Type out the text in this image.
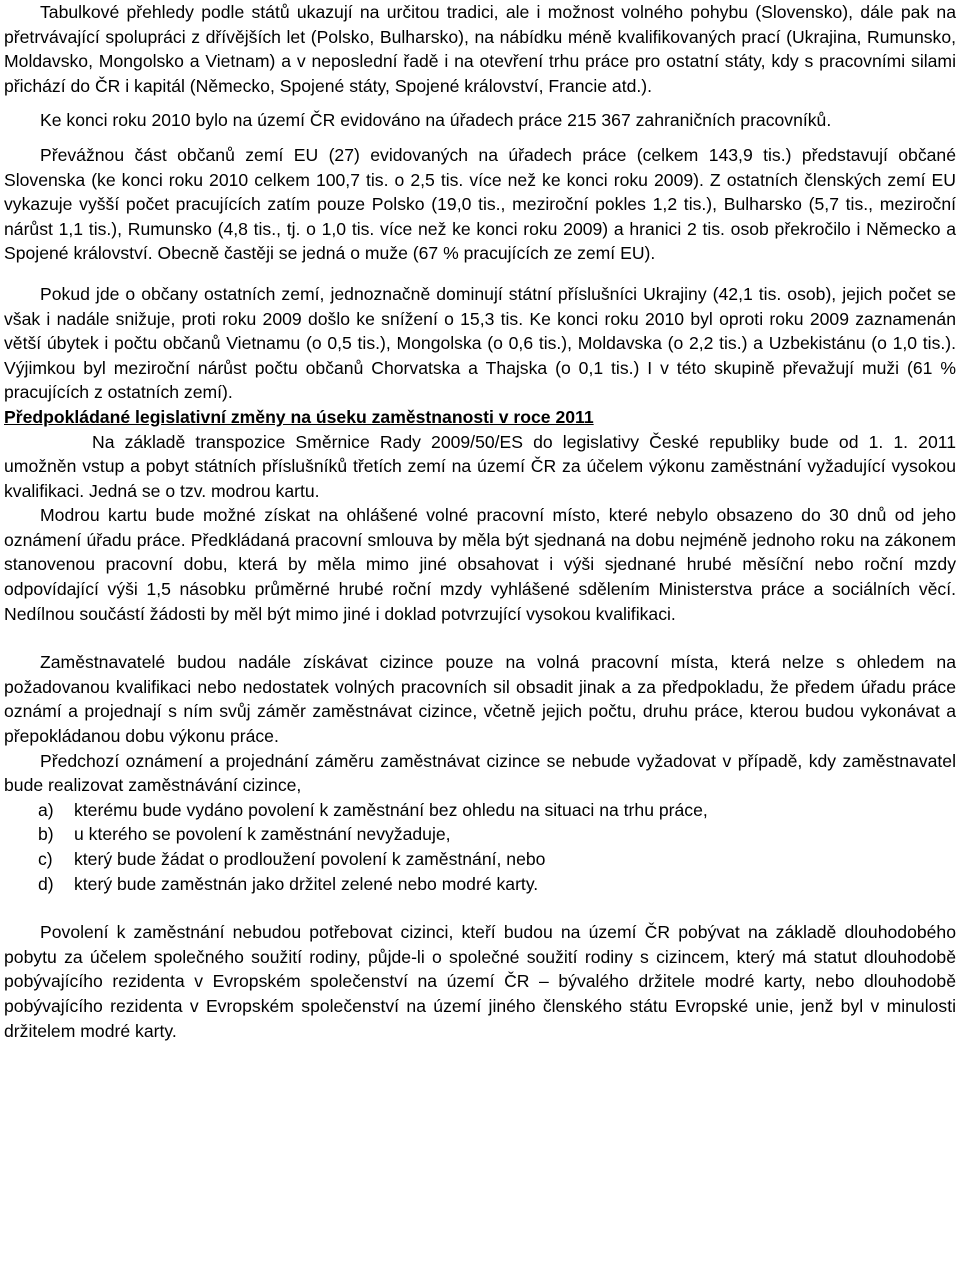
Tabulkové přehledy podle států ukazují na určitou tradici, ale i možnost volného pohybu (Slovensko), dále pak na přetrvávající spolupráci z dřívějších let (Polsko, Bulharsko), na nábídku méně kvalifikovaných prací (Ukrajina, Rumunsko, Moldavsko, Mongolsko a Vietnam) a v neposlední řadě i na otevření trhu práce pro ostatní státy, kdy s pracovními silami přichází do ČR i kapitál (Německo, Spojené státy, Spojené království, Francie atd.).

Ke konci roku 2010 bylo na území ČR evidováno na úřadech práce 215 367 zahraničních pracovníků.

Převážnou část občanů zemí EU (27) evidovaných na úřadech práce (celkem 143,9 tis.) představují občané Slovenska (ke konci roku 2010 celkem 100,7 tis. o 2,5 tis. více než ke konci roku 2009). Z ostatních členských zemí EU vykazuje vyšší počet pracujících zatím pouze Polsko (19,0 tis., meziroční pokles 1,2 tis.), Bulharsko (5,7 tis., meziroční nárůst 1,1 tis.), Rumunsko (4,8 tis., tj. o 1,0 tis. více než ke konci roku 2009) a hranici 2 tis. osob překročilo i Německo a Spojené království. Obecně častěji se jedná o muže (67 % pracujících ze zemí EU).

Pokud jde o občany ostatních zemí, jednoznačně dominují státní příslušníci Ukrajiny (42,1 tis. osob), jejich počet se však i nadále snižuje, proti roku 2009 došlo ke snížení o 15,3 tis. Ke konci roku 2010 byl oproti roku 2009 zaznamenán větší úbytek i počtu občanů Vietnamu (o 0,5 tis.), Mongolska (o 0,6 tis.), Moldavska (o 2,2 tis.) a Uzbekistánu (o 1,0 tis.). Výjimkou byl meziroční nárůst počtu občanů Chorvatska a Thajska (o 0,1 tis.) I v této skupině převažují muži (61 % pracujících z ostatních zemí).

Předpokládané legislativní změny na úseku zaměstnanosti v roce 2011

Na základě transpozice Směrnice Rady 2009/50/ES do legislativy České republiky bude od 1. 1. 2011 umožněn vstup a pobyt státních příslušníků třetích zemí na území ČR za účelem výkonu zaměstnání vyžadující vysokou kvalifikaci. Jedná se o tzv. modrou kartu.

Modrou kartu bude možné získat na ohlášené volné pracovní místo, které nebylo obsazeno do 30 dnů od jeho oznámení úřadu práce. Předkládaná pracovní smlouva by měla být sjednaná na dobu nejméně jednoho roku na zákonem stanovenou pracovní dobu, která by měla mimo jiné obsahovat i výši sjednané hrubé měsíční nebo roční mzdy odpovídající výši 1,5 násobku průměrné hrubé roční mzdy vyhlášené sdělením Ministerstva práce a sociálních věcí. Nedílnou součástí žádosti by měl být mimo jiné i doklad potvrzující vysokou kvalifikaci.

Zaměstnavatelé budou nadále získávat cizince pouze na volná pracovní místa, která nelze s ohledem na požadovanou kvalifikaci nebo nedostatek volných pracovních sil obsadit jinak a za předpokladu, že předem úřadu práce oznámí a projednají s ním svůj záměr zaměstnávat cizince, včetně jejich počtu, druhu práce, kterou budou vykonávat a přepokládanou dobu výkonu práce.

Předchozí oznámení a projednání záměru zaměstnávat cizince se nebude vyžadovat v případě, kdy zaměstnavatel bude realizovat zaměstnávání cizince,

a)	kterému bude vydáno povolení k zaměstnání bez ohledu na situaci na trhu práce,
b)	u kterého se povolení k zaměstnání nevyžaduje,
c)	který bude žádat o prodloužení povolení k zaměstnání, nebo
d)	který bude zaměstnán jako držitel zelené nebo modré karty.

Povolení k zaměstnání nebudou potřebovat cizinci, kteří budou na území ČR pobývat na základě dlouhodobého pobytu za účelem společného soužití rodiny, půjde-li o společné soužití rodiny s cizincem, který má statut dlouhodobě pobývajícího rezidenta v Evropském společenství na území ČR – bývalého držitele modré karty, nebo dlouhodobě pobývajícího rezidenta v Evropském společenství na území jiného členského státu Evropské unie, jenž byl v minulosti držitelem modré karty.
